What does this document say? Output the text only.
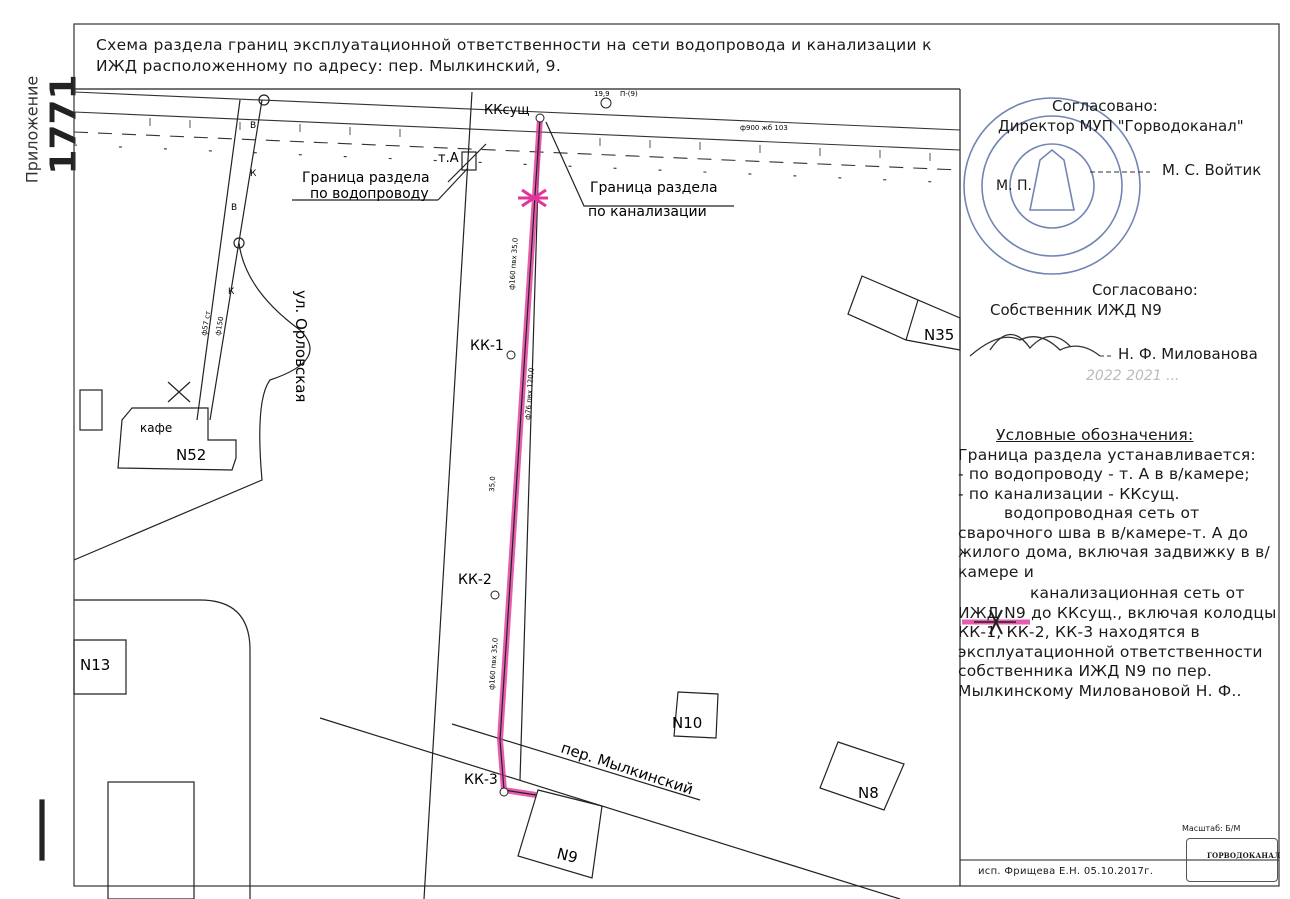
Приложение 1771
Схема раздела границ эксплуатационной ответственности на сети водопровода и канализации к ИЖД расположенному по адресу: пер. Мылкинский, 9.
В
К
В
К
ф57 ст ф150	ул. Орловская
кафе
N52
ф160 пвх 35,0
ф76 пвх 120,0
35,0
ф160 пвх 35,0
КК-1
КК-2
КК-3
ККсущ
19,9 П-(9)
ф900 жб 103
т.А
Граница раздела
по водопроводу	Граница раздела
по канализации
N35
N13
N10
N8
N9
пер. Мылкинский
Согласовано:
Директор МУП "Горводоканал"
М. П.
М. С. Войтик
Согласовано:
Собственник ИЖД N9
Н. Ф. Милованова
2022 2021 ...

Условные обозначения:

Граница раздела устанавливается:

- по водопроводу - т. А в в/камере;

- по канализации - ККсущ.

водопроводная сеть от сварочного шва в в/камере-т. А до жилого дома, включая задвижку в в/камере и

канализационная сеть от ИЖД N9 до ККсущ., включая колодцы КК-1, КК-2, КК-3 находятся в эксплуатационной ответственности собственника ИЖД N9 по пер. Мылкинскому Миловановой Н. Ф..

Масштаб: Б/М
ГОРВОДОКАНАЛ
исп. Фрищева Е.Н. 05.10.2017г.
